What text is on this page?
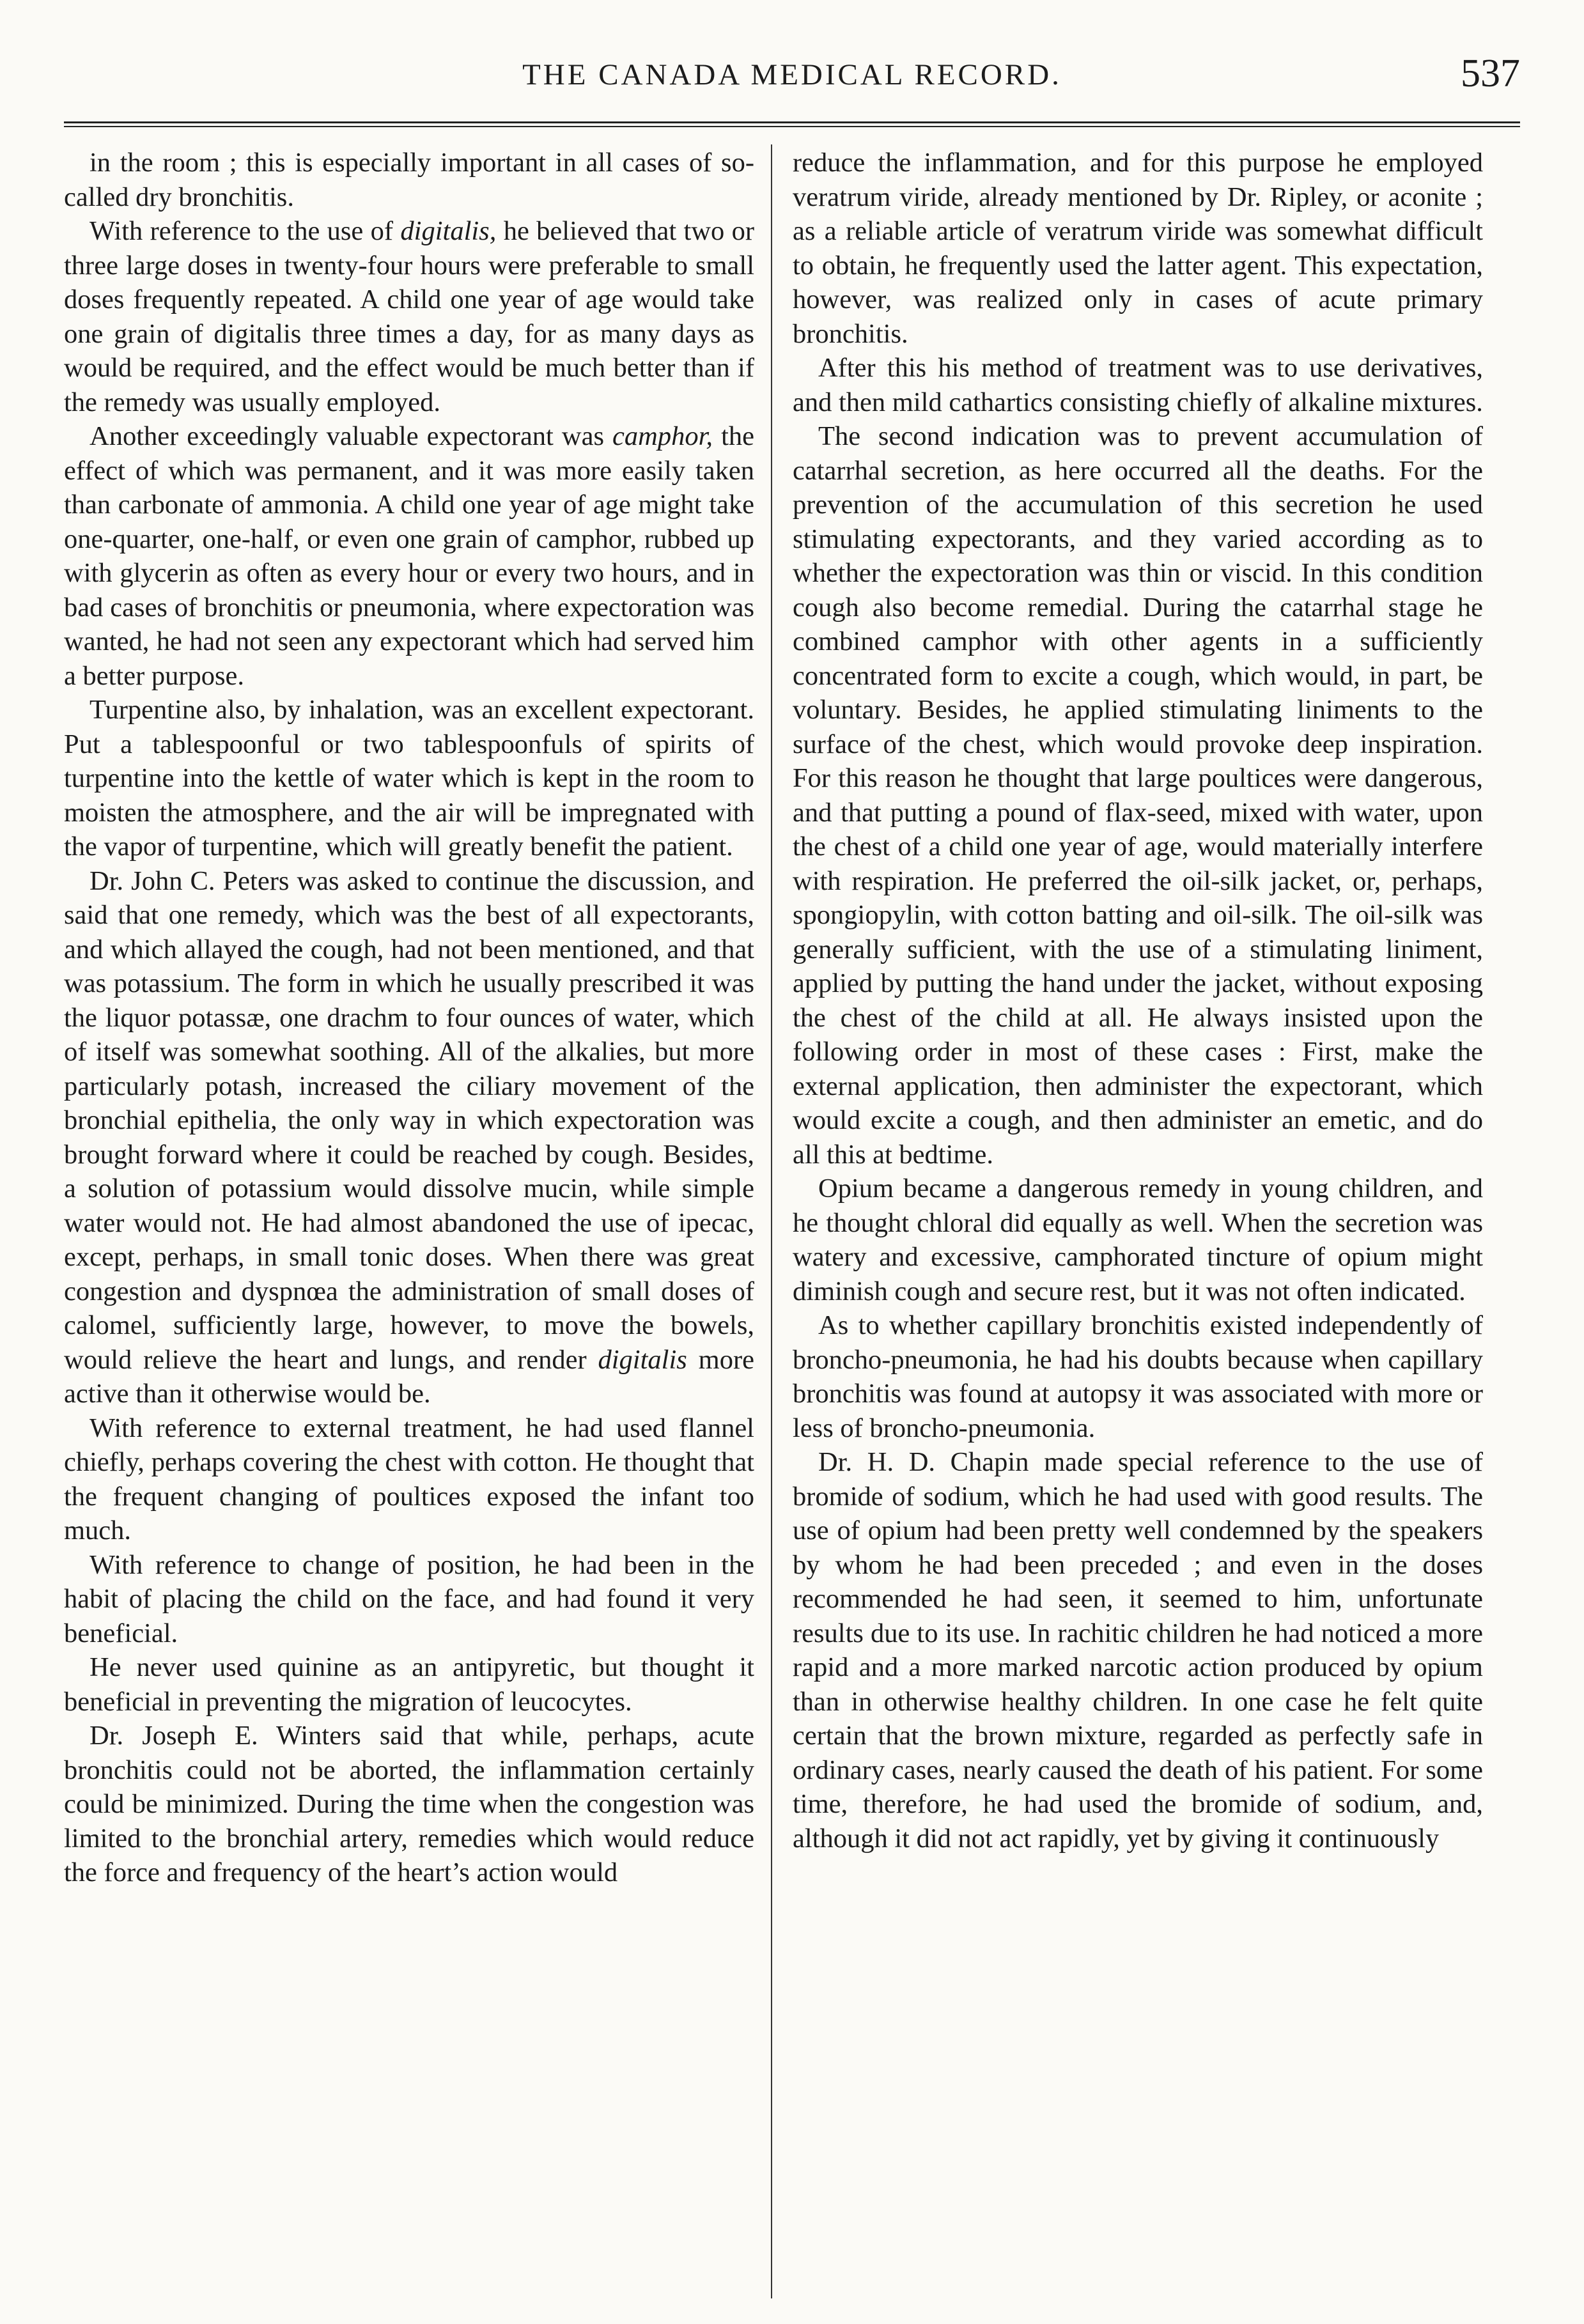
THE CANADA MEDICAL RECORD.	537

in the room ; this is especially important in all cases of so-called dry bronchitis.

With reference to the use of digitalis, he believed that two or three large doses in twenty-four hours were preferable to small doses frequently repeated. A child one year of age would take one grain of digitalis three times a day, for as many days as would be required, and the effect would be much better than if the remedy was usually employed.

Another exceedingly valuable expectorant was camphor, the effect of which was permanent, and it was more easily taken than carbonate of ammonia. A child one year of age might take one-quarter, one-half, or even one grain of camphor, rubbed up with glycerin as often as every hour or every two hours, and in bad cases of bronchitis or pneumonia, where expectoration was wanted, he had not seen any expectorant which had served him a better purpose.

Turpentine also, by inhalation, was an excellent expectorant. Put a tablespoonful or two tablespoonfuls of spirits of turpentine into the kettle of water which is kept in the room to moisten the atmosphere, and the air will be impregnated with the vapor of turpentine, which will greatly benefit the patient.

Dr. John C. Peters was asked to continue the discussion, and said that one remedy, which was the best of all expectorants, and which allayed the cough, had not been mentioned, and that was potassium. The form in which he usually prescribed it was the liquor potassæ, one drachm to four ounces of water, which of itself was somewhat soothing. All of the alkalies, but more particularly potash, increased the ciliary movement of the bronchial epithelia, the only way in which expectoration was brought forward where it could be reached by cough. Besides, a solution of potassium would dissolve mucin, while simple water would not. He had almost abandoned the use of ipecac, except, perhaps, in small tonic doses. When there was great congestion and dyspnœa the administration of small doses of calomel, sufficiently large, however, to move the bowels, would relieve the heart and lungs, and render digitalis more active than it otherwise would be.

With reference to external treatment, he had used flannel chiefly, perhaps covering the chest with cotton. He thought that the frequent changing of poultices exposed the infant too much.

With reference to change of position, he had been in the habit of placing the child on the face, and had found it very beneficial.

He never used quinine as an antipyretic, but thought it beneficial in preventing the migration of leucocytes.

Dr. Joseph E. Winters said that while, perhaps, acute bronchitis could not be aborted, the inflammation certainly could be minimized. During the time when the congestion was limited to the bronchial artery, remedies which would reduce the force and frequency of the heart’s action would

reduce the inflammation, and for this purpose he employed veratrum viride, already mentioned by Dr. Ripley, or aconite ; as a reliable article of veratrum viride was somewhat difficult to obtain, he frequently used the latter agent. This expectation, however, was realized only in cases of acute primary bronchitis.

After this his method of treatment was to use derivatives, and then mild cathartics consisting chiefly of alkaline mixtures.

The second indication was to prevent accumulation of catarrhal secretion, as here occurred all the deaths. For the prevention of the accumulation of this secretion he used stimulating expectorants, and they varied according as to whether the expectoration was thin or viscid. In this condition cough also become remedial. During the catarrhal stage he combined camphor with other agents in a sufficiently concentrated form to excite a cough, which would, in part, be voluntary. Besides, he applied stimulating liniments to the surface of the chest, which would provoke deep inspiration. For this reason he thought that large poultices were dangerous, and that putting a pound of flax-seed, mixed with water, upon the chest of a child one year of age, would materially interfere with respiration. He preferred the oil-silk jacket, or, perhaps, spongiopylin, with cotton batting and oil-silk. The oil-silk was generally sufficient, with the use of a stimulating liniment, applied by putting the hand under the jacket, without exposing the chest of the child at all. He always insisted upon the following order in most of these cases : First, make the external application, then administer the expectorant, which would excite a cough, and then administer an emetic, and do all this at bedtime.

Opium became a dangerous remedy in young children, and he thought chloral did equally as well. When the secretion was watery and excessive, camphorated tincture of opium might diminish cough and secure rest, but it was not often indicated.

As to whether capillary bronchitis existed independently of broncho-pneumonia, he had his doubts because when capillary bronchitis was found at autopsy it was associated with more or less of broncho-pneumonia.

Dr. H. D. Chapin made special reference to the use of bromide of sodium, which he had used with good results. The use of opium had been pretty well condemned by the speakers by whom he had been preceded ; and even in the doses recommended he had seen, it seemed to him, unfortunate results due to its use. In rachitic children he had noticed a more rapid and a more marked narcotic action produced by opium than in otherwise healthy children. In one case he felt quite certain that the brown mixture, regarded as perfectly safe in ordinary cases, nearly caused the death of his patient. For some time, therefore, he had used the bromide of sodium, and, although it did not act rapidly, yet by giving it continuously
